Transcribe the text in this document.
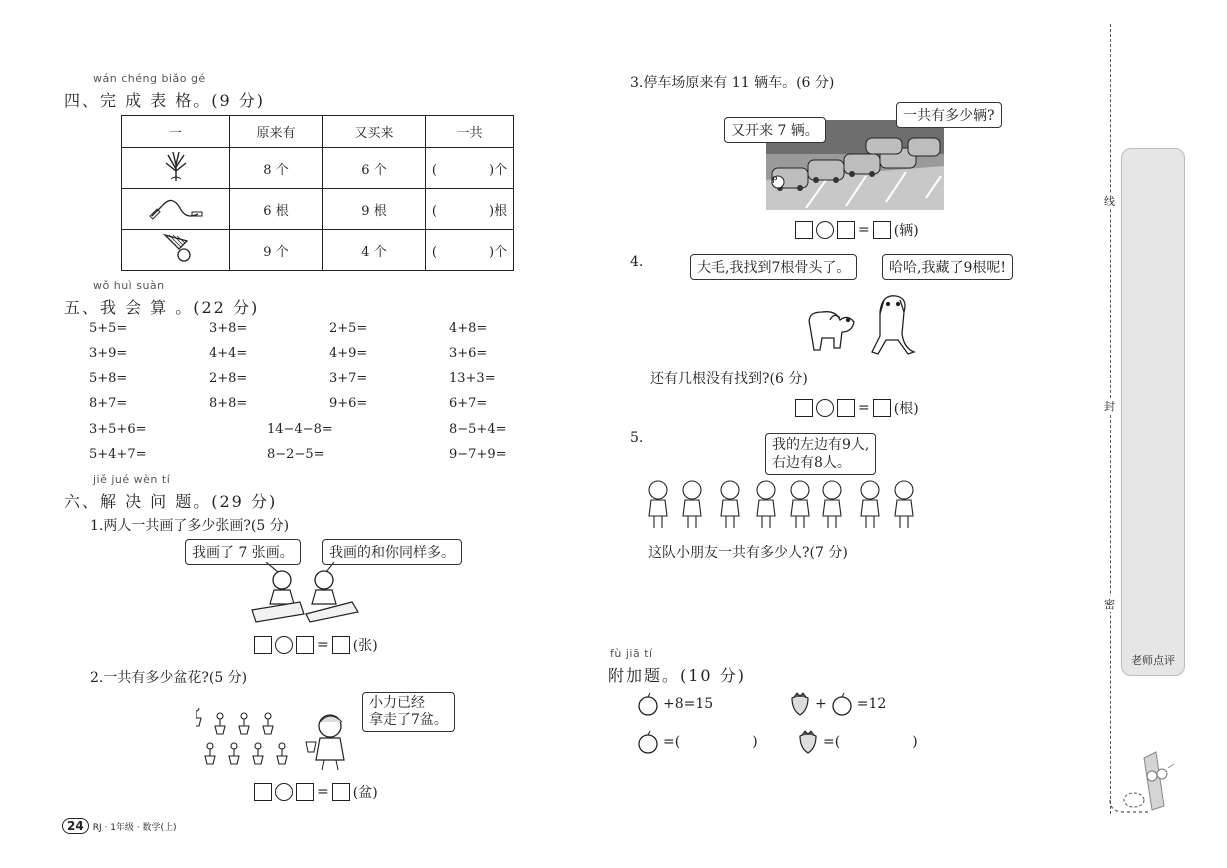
wán chéng biǎo gé
四、完 成 表 格。(9 分)
一	原来有	又买来	一共
	8 个	6 个	( )个
	6 根	9 根	( )根
	9 个	4 个	( )个
wǒ huì suàn
五、我 会 算 。(22 分)
5+5=	3+8=	2+5=	4+8=
3+9=	4+4=	4+9=	3+6=
5+8=	2+8=	3+7=	13+3=
8+7=	8+8=	9+6=	6+7=
3+5+6=	14−4−8=	8−5+4=
5+4+7=	8−2−5=	9−7+9=
jiě jué wèn tí
六、解 决 问 题。(29 分)
1.两人一共画了多少张画?(5 分)
我画了 7 张画。	我画的和你同样多。
= (张)
2.一共有多少盆花?(5 分)
小力已经
拿走了7盆。
= (盆)
24	RJ · 1年级 · 数学(上)
3.停车场原来有 11 辆车。(6 分)
P
又开来 7 辆。
一共有多少辆?
= (辆)
4.	大毛,我找到7根骨头了。	哈哈,我藏了9根呢!
还有几根没有找到?(6 分)
= (根)
5.	我的左边有9人,
右边有8人。
这队小朋友一共有多少人?(7 分)
fù jiā tí
附加题。(10 分)
+8=15	+ =12
=(	)	=(	)
线
封
密
老师点评
